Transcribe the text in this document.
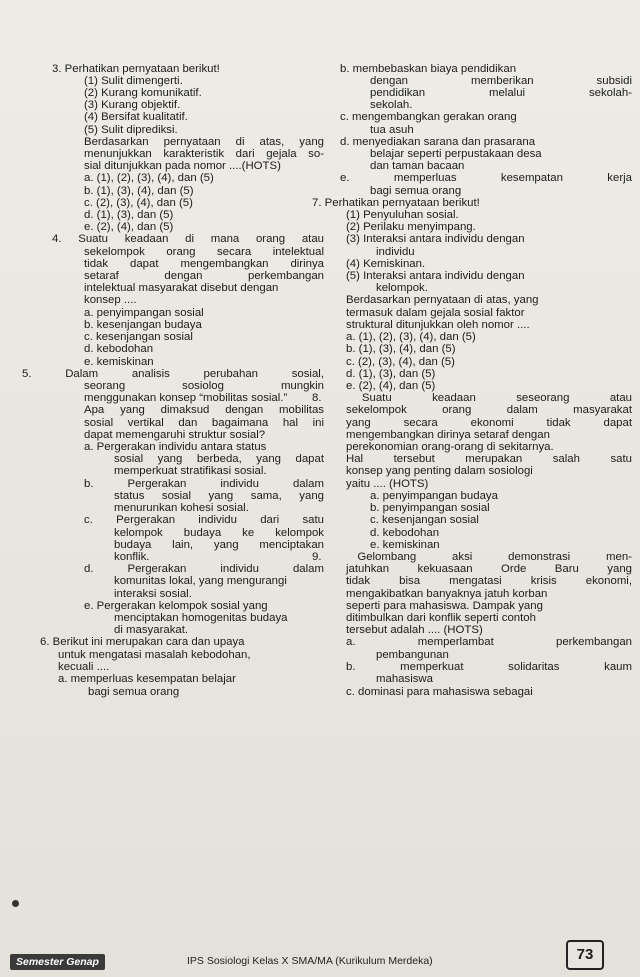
3. Perhatikan pernyataan berikut!
(1) Sulit dimengerti.
(2) Kurang komunikatif.
(3) Kurang objektif.
(4) Bersifat kualitatif.
(5) Sulit diprediksi.
Berdasarkan pernyataan di atas, yang
menunjukkan karakteristik dari gejala so-
sial ditunjukkan pada nomor ....(HOTS)
a. (1), (2), (3), (4), dan (5)
b. (1), (3), (4), dan (5)
c. (2), (3), (4), dan (5)
d. (1), (3), dan (5)
e. (2), (4), dan (5)
4. Suatu keadaan di mana orang atau
sekelompok orang secara intelektual
tidak dapat mengembangkan dirinya
setaraf dengan perkembangan
intelektual masyarakat disebut dengan
konsep ....
a. penyimpangan sosial
b. kesenjangan budaya
c. kesenjangan sosial
d. kebodohan
e. kemiskinan
5. Dalam analisis perubahan sosial,
seorang sosiolog mungkin
menggunakan konsep “mobilitas sosial.”
Apa yang dimaksud dengan mobilitas
sosial vertikal dan bagaimana hal ini
dapat memengaruhi struktur sosial?
a. Pergerakan individu antara status
sosial yang berbeda, yang dapat
memperkuat stratifikasi sosial.
b. Pergerakan individu dalam
status sosial yang sama, yang
menurunkan kohesi sosial.
c. Pergerakan individu dari satu
kelompok budaya ke kelompok
budaya lain, yang menciptakan
konflik.
d. Pergerakan individu dalam
komunitas lokal, yang mengurangi
interaksi sosial.
e. Pergerakan kelompok sosial yang
menciptakan homogenitas budaya
di masyarakat.
6. Berikut ini merupakan cara dan upaya
untuk mengatasi masalah kebodohan,
kecuali ....
a. memperluas kesempatan belajar
bagi semua orang
b. membebaskan biaya pendidikan
dengan memberikan subsidi
pendidikan melalui sekolah-
sekolah.
c. mengembangkan gerakan orang
tua asuh
d. menyediakan sarana dan prasarana
belajar seperti perpustakaan desa
dan taman bacaan
e. memperluas kesempatan kerja
bagi semua orang
7. Perhatikan pernyataan berikut!
(1) Penyuluhan sosial.
(2) Perilaku menyimpang.
(3) Interaksi antara individu dengan
individu
(4) Kemiskinan.
(5) Interaksi antara individu dengan
kelompok.
Berdasarkan pernyataan di atas, yang
termasuk dalam gejala sosial faktor
struktural ditunjukkan oleh nomor ....
a. (1), (2), (3), (4), dan (5)
b. (1), (3), (4), dan (5)
c. (2), (3), (4), dan (5)
d. (1), (3), dan (5)
e. (2), (4), dan (5)
8. Suatu keadaan seseorang atau
sekelompok orang dalam masyarakat
yang secara ekonomi tidak dapat
mengembangkan dirinya setaraf dengan
perekonomian orang-orang di sekitarnya.
Hal tersebut merupakan salah satu
konsep yang penting dalam sosiologi
yaitu .... (HOTS)
a. penyimpangan budaya
b. penyimpangan sosial
c. kesenjangan sosial
d. kebodohan
e. kemiskinan
9. Gelombang aksi demonstrasi men-
jatuhkan kekuasaan Orde Baru yang
tidak bisa mengatasi krisis ekonomi,
mengakibatkan banyaknya jatuh korban
seperti para mahasiswa. Dampak yang
ditimbulkan dari konflik seperti contoh
tersebut adalah .... (HOTS)
a. memperlambat perkembangan
pembangunan
b. memperkuat solidaritas kaum
mahasiswa
c. dominasi para mahasiswa sebagai
Semester Genap	IPS Sosiologi Kelas X SMA/MA (Kurikulum Merdeka)	73
